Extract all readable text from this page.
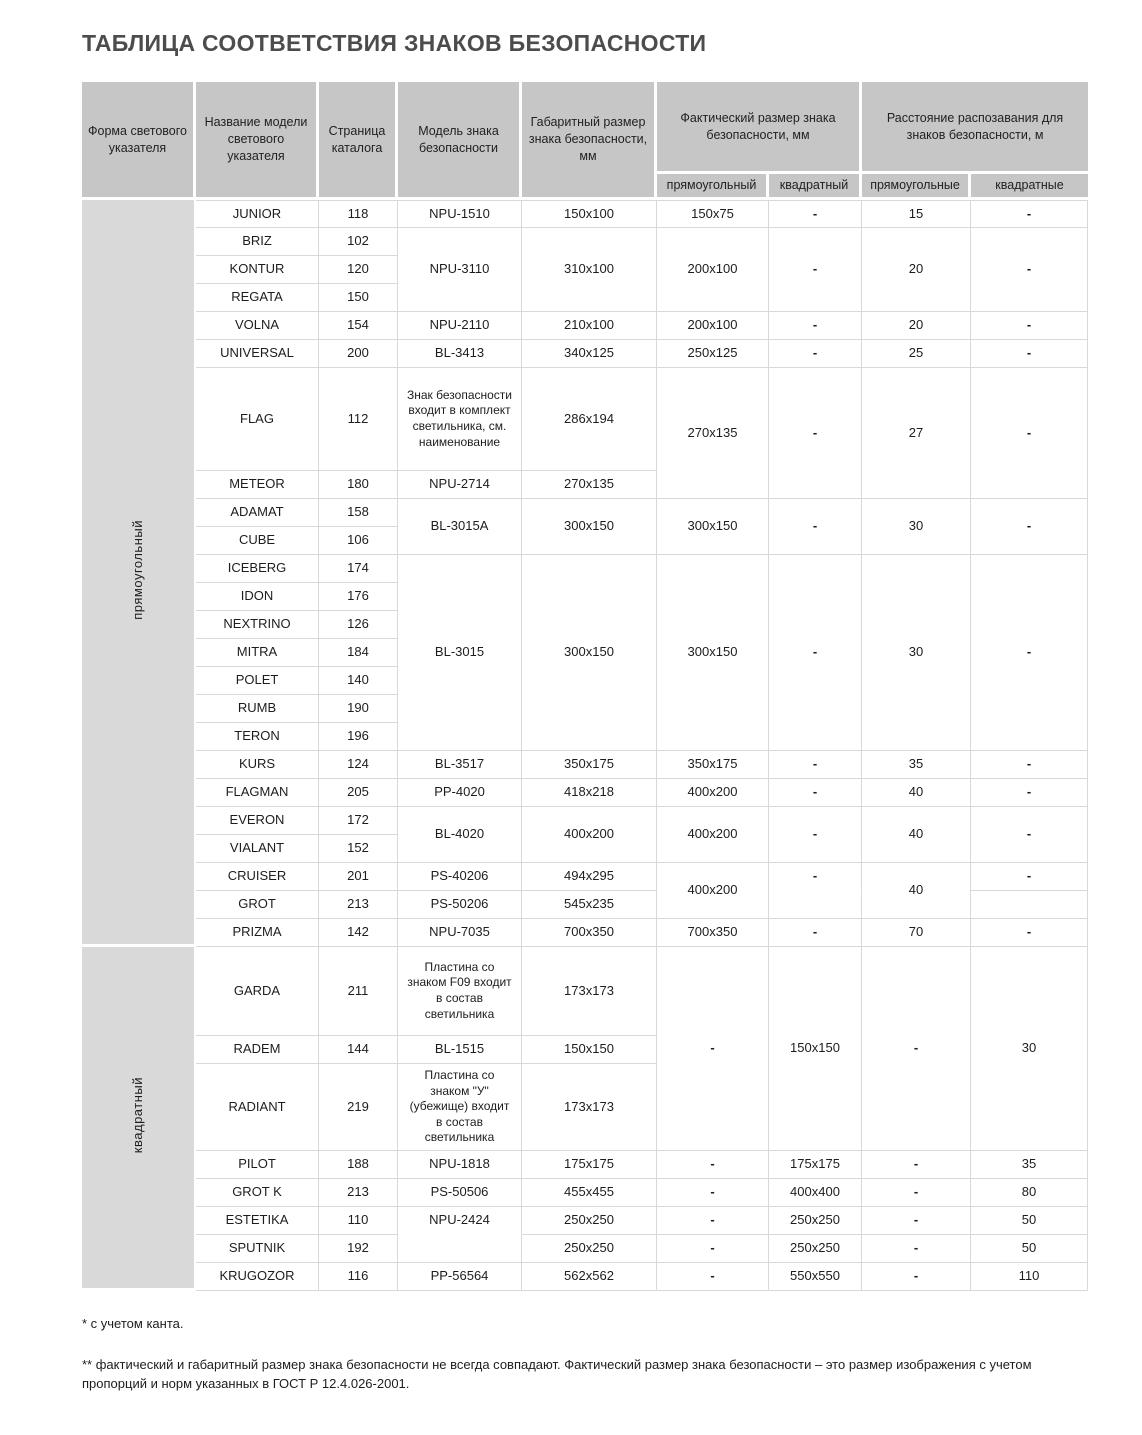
ТАБЛИЦА СООТВЕТСТВИЯ ЗНАКОВ БЕЗОПАСНОСТИ
Форма светового указателя	Название модели светового указателя	Страница каталога	Модель знака безопасности	Габаритный размер знака безопасности, мм	Фактический размер знака безопасности, мм		Расстояние распозавания для знаков безопасности, м	
					прямоугольный	квадратный	прямоугольные	квадратные
прямоугольный	JUNIOR	118	NPU-1510	150x100	150x75	-	15	-
	BRIZ	102	NPU-3110	310x100	200x100	-	20	-
	KONTUR	120						
	REGATA	150						
	VOLNA	154	NPU-2110	210x100	200x100	-	20	-
	UNIVERSAL	200	BL-3413	340x125	250x125	-	25	-
	FLAG	112	Знак безопасности входит в комплект светильника, см. наименование	286x194	270x135	-	27	-
	METEOR	180	NPU-2714	270x135				
	ADAMAT	158	BL-3015A	300x150	300x150	-	30	-
	CUBE	106						
	ICEBERG	174	BL-3015	300x150	300x150	-	30	-
	IDON	176						
	NEXTRINO	126						
	MITRA	184						
	POLET	140						
	RUMB	190						
	TERON	196						
	KURS	124	BL-3517	350x175	350x175	-	35	-
	FLAGMAN	205	PP-4020	418x218	400x200	-	40	-
	EVERON	172	BL-4020	400x200	400x200	-	40	-
	VIALANT	152						
	CRUISER	201	PS-40206	494x295	400x200	-	40	-
	GROT	213	PS-50206	545x235				
	PRIZMA	142	NPU-7035	700x350	700x350	-	70	-
квадратный	GARDA	211	Пластина со знаком F09 входит в состав светильника	173x173	-	150x150	-	30
	RADEM	144	BL-1515	150x150				
	RADIANT	219	Пластина со знаком "У" (убежище) входит в состав светильника	173x173				
	PILOT	188	NPU-1818	175x175	-	175x175	-	35
	GROT K	213	PS-50506	455x455	-	400x400	-	80
	ESTETIKA	110	NPU-2424	250x250	-	250x250	-	50
	SPUTNIK	192		250x250	-	250x250	-	50
	KRUGOZOR	116	PP-56564	562x562	-	550x550	-	110

* с учетом канта.

** фактический и габаритный размер знака безопасности не всегда совпадают. Фактический размер знака безопасности – это размер изображения с учетом пропорций и норм указанных в ГОСТ Р 12.4.026-2001.
